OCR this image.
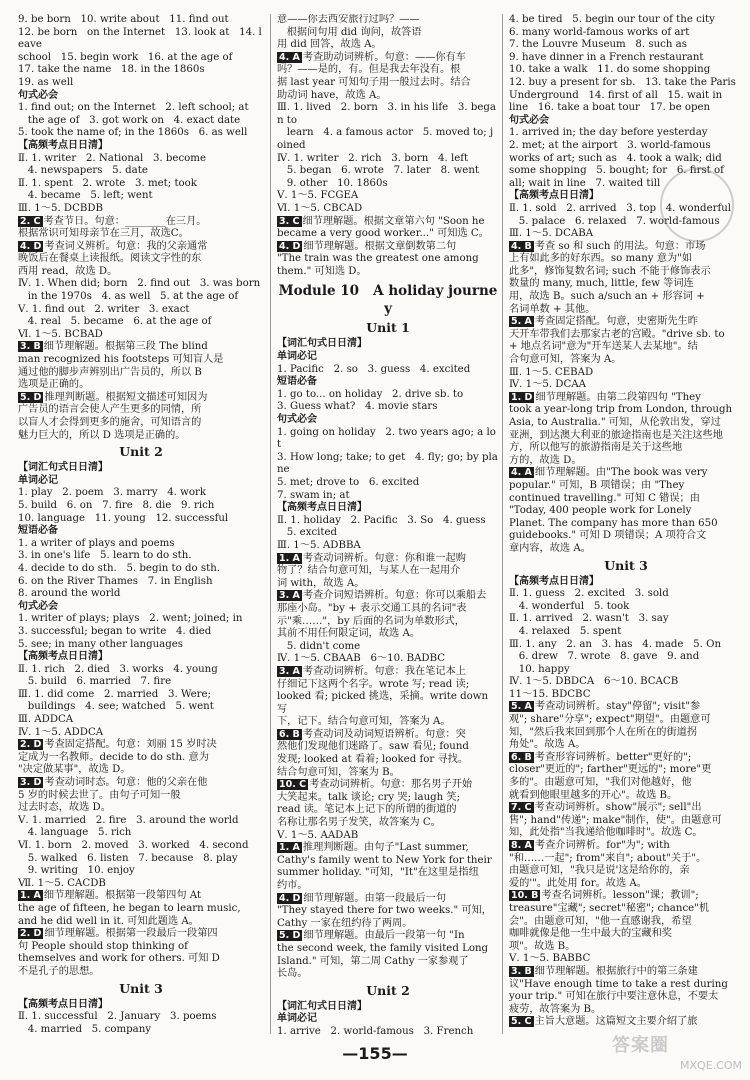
9. be born   10. write about   11. find out
12. be born   on the Internet   13. look at   14. leave
school   15. begin work   16. at the age of
17. take the name   18. in the 1860s
19. as well
句式必会
1. find out; on the Internet   2. left school; at
the age of   3. got work on   4. exact date
5. took the name of; in the 1860s   6. as well
【高频考点日日清】
Ⅱ. 1. writer   2. National   3. become
4. newspapers   5. date
Ⅱ. 1. spent   2. wrote   3. met; took
4. became   5. left; went
Ⅲ. 1～5. DCBDB
2. C 考查节日。句意：________在三月。
根据常识可知母亲节在三月，故选C。
4. D 考查词义辨析。句意：我的父亲通常
晚饭后在餐桌上读报纸。阅读文字性的东
西用 read，故选 D。
Ⅳ. 1. When did; born   2. find out   3. was born
in the 1970s   4. as well   5. at the age of
Ⅴ. 1. find out   2. writer   3. exact
4. real   5. became   6. at the age of
Ⅵ. 1～5. BCBAD
3. B 细节理解题。根据第三段 The blind
man recognized his footsteps 可知盲人是
通过他的脚步声辨别出广告员的，所以 B
选项是正确的。
5. D 推理判断题。根据短文描述可知因为
广告员的语言会使人产生更多的同情，所
以盲人才会得到更多的施舍，可知语言的
魅力巨大的，所以 D 选项是正确的。
Unit 2
【词汇句式日日清】
单词必记
1. play   2. poem   3. marry   4. work
5. build   6. on   7. fire   8. die   9. rich
10. language   11. young   12. successful
短语必备
1. a writer of plays and poems
3. in one's life   5. learn to do sth.
4. decide to do sth.   5. begin to do sth.
6. on the River Thames   7. in English
8. around the world
句式必会
1. writer of plays; plays   2. went; joined; in
3. successful; began to write   4. died
5. see; in many other languages
【高频考点日日清】
Ⅱ. 1. rich   2. died   3. works   4. young
5. build   6. married   7. fire
Ⅲ. 1. did come   2. married   3. Were;
buildings   4. see; watched   5. went
Ⅲ. ADDCA
Ⅳ. 1～5. ADDCA
2. D 考查固定搭配。句意：刘丽 15 岁时决
定成为一名教师。decide to do sth. 意为
"决定做某事"，故选 D。
3. D 考查动词时态。句意：他的父亲在他
5 岁的时候去世了。由句子可知一般
过去时态，故选 D。
Ⅴ. 1. married   2. fire   3. around the world
4. language   5. rich
Ⅵ. 1. born   2. moved   3. worked   4. second
5. walked   6. listen   7. because   8. play
9. writing   10. enjoy
Ⅶ. 1～5. CACDB
1. A 细节理解题。根据第一段第四句 At
the age of fifteen, he began to learn music,
and he did well in it. 可知此题选 A。
2. D 细节理解题。根据第一段最后一段第四
句 People should stop thinking of
themselves and work for others. 可知 D
不是孔子的思想。
Unit 3
【高频考点日日清】
Ⅱ. 1. successful   2. January   3. poems
4. married   5. company
意——你去西安旅行过吗？——
根据问句用 did 询问，故答语
用 did 回答，故选 A。
4. A 考查助动词辨析。句意：——你有车
吗？——是的，有。但是我去年没有。根
据 last year 可知句子用一般过去时。结合
助动词 have，故选 A。
Ⅲ. 1. lived   2. born   3. in his life   3. began to
learn   4. a famous actor   5. moved to; joined
Ⅳ. 1. writer   2. rich   3. born   4. left
5. began   6. wrote   7. later   8. went
9. other   10. 1860s
Ⅴ. 1～5. FCGEA
Ⅵ. 1～5. CBCAD
3. C 细节理解题。根据文章第六句 "Soon he
became a very good worker..." 可知选 C。
4. D 细节理解题。根据文章倒数第二句
"The train was the greatest one among
them." 可知选 D。
Module 10   A holiday journey
Unit 1
【词汇句式日日清】
单词必记
1. Pacific   2. so   3. guess   4. excited
短语必备
1. go to... on holiday   2. drive sb. to
3. Guess what?   4. movie stars
句式必会
1. going on holiday   2. two years ago; a lot
3. How long; take; to get   4. fly; go; by plane
5. met; drove to   6. excited
7. swam in; at
【高频考点日日清】
Ⅱ. 1. holiday   2. Pacific   3. So   4. guess
5. excited
Ⅲ. 1～5. ADBBA
1. A 考查动词辨析。句意：你和谁一起购
物了？结合句意可知，与某人在一起用介
词 with，故选 A。
3. A 考查介词短语辨析。句意：你可以乘船去
那座小岛。"by + 表示交通工具的名词"表
示"乘……"，by 后面的名词为单数形式，
其前不用任何限定词，故选 A。
5. didn't come
Ⅳ. 1～5. CBAAB   6～10. BADBC
3. A 考查动词辨析。句意：我在笔记本上
仔细记下这两个名字。wrote 写; read 读;
looked 看; picked 挑选，采摘。write down 写
下，记下。结合句意可知，答案为 A。
6. B 考查动词及动词短语辨析。句意：突
然他们发现他们迷路了。saw 看见; found
发现; looked at 看着; looked for 寻找。
结合句意可知，答案为 B。
10. C 考查动词辨析。句意：那名男子开始
大笑起来。talk 谈论; cry 哭; laugh 笑;
read 读。笔记本上记下的所谓的街道的
名称让那名男子发笑，故答案为 C。
Ⅴ. 1～5. AADAB
1. A 推理判断题。由句子"Last summer,
Cathy's family went to New York for their
summer holiday. "可知，"It"在这里是指纽
约市。
4. D 细节理解题。由第一段最后一句
"They stayed there for two weeks." 可知，
Cathy 一家在纽约待了两周。
5. D 细节理解题。由最后一段第一句 "In
the second week, the family visited Long
Island." 可知，第二周 Cathy 一家参观了
长岛。
Unit 2
【词汇句式日日清】
单词必记
1. arrive   2. world-famous   3. French
4. be tired   5. begin our tour of the city
6. many world-famous works of art
7. the Louvre Museum   8. such as
9. have dinner in a French restaurant
10. take a walk   11. do some shopping
12. buy a present for sb.   13. take the Paris
Underground   14. first of all   15. wait in
line   16. take a boat tour   17. be open
句式必会
1. arrived in; the day before yesterday
2. met; at the airport   3. world-famous
works of art; such as   4. took a walk; did
some shopping   5. bought; for   6. first of
all; wait in line   7. waited till
【高频考点日日清】
Ⅱ. 1. sold   2. arrived   3. top   4. wonderful
5. palace   6. relaxed   7. world-famous
Ⅲ. 1～5. DCABA
4. B 考查 so 和 such 的用法。句意：市场
上有如此多的好东西。so many 意为"如
此多"，修饰复数名词; such 不能于修饰表示
数量的 many, much, little, few 等词连
用，故选 B。such a/such an + 形容词 +
名词单数 + 其他。
5. A 考查固定搭配。句意，史密斯先生昨
天开车带我们去那家古老的宫殿。"drive sb. to
+ 地点名词"意为"开车送某人去某地"。结
合句意可知，答案为 A。
Ⅲ. 1～5. CEBAD
Ⅳ. 1～5. DCAA
1. D 细节理解题。由第二段第四句 "They
took a year-long trip from London, through
Asia, to Australia." 可知，从伦敦出发，穿过
亚洲，到达澳大利亚的旅途指南也是关注这些地
方，所以他写的旅游指南是关于这些地
方的，故选 D。
4. A 细节理解题。由"The book was very
popular." 可知，B 项错误；由 "They
continued travelling." 可知 C 错误；由
"Today, 400 people work for Lonely
Planet. The company has more than 650
guidebooks." 可知 D 项错误；A 项符合文
章内容，故选 A。
Unit 3
【高频考点日日清】
Ⅱ. 1. guess   2. excited   3. sold
4. wonderful   5. took
Ⅱ. 1. arrived   2. wasn't   3. say
4. relaxed   5. spent
Ⅲ. 1. any   2. an   3. has   4. made   5. On
6. drew   7. wrote   8. gave   9. and
10. happy
Ⅳ. 1～5. DBDCA   6～10. BCACB
11～15. BDCBC
5. A 考查动词辨析。stay"停留"; visit"参
观"; share"分享"; expect"期望"。由题意可
知，"然后我来回到那个人在所在的街道拐
角处"。故选 A。
6. B 考查形容词辨析。better"更好的";
closer"更近的"; farther"更远的"; more"更
多的"。由题意可知，"我们对他越好，他
就看到他眼里越多的开心"。故选 B。
7. C 考查动词辨析。show"展示"; sell"出
售"; hand"传递"; make"制作，使"。由题意可
知，此处指"当我递给他咖啡时"。故选 C。
8. A 考查介词辨析。for"为"; with
"和……一起"; from"来自"; about"关于"。
由题意可知，"我只是说'这是给你的，亲
爱的'"。此处用 for。故选 A。
10. B 考查名词辨析。lesson"课；教训";
treasure"宝藏"; secret"秘密"; chance"机
会"。由题意可知，"他一直感谢我，希望
咖啡就像是他一生中最大的宝藏和奖
项"。故选 B。
Ⅴ. 1～5. BABBC
3. B 细节理解题。根据旅行中的第三条建
议"Have enough time to take a rest during
your trip." 可知在旅行中要注意休息，不要太
疲劳，故答案为 B。
5. C 主旨大意题。这篇短文主要介绍了旅
—155—	答案圈
MXQE.COM
